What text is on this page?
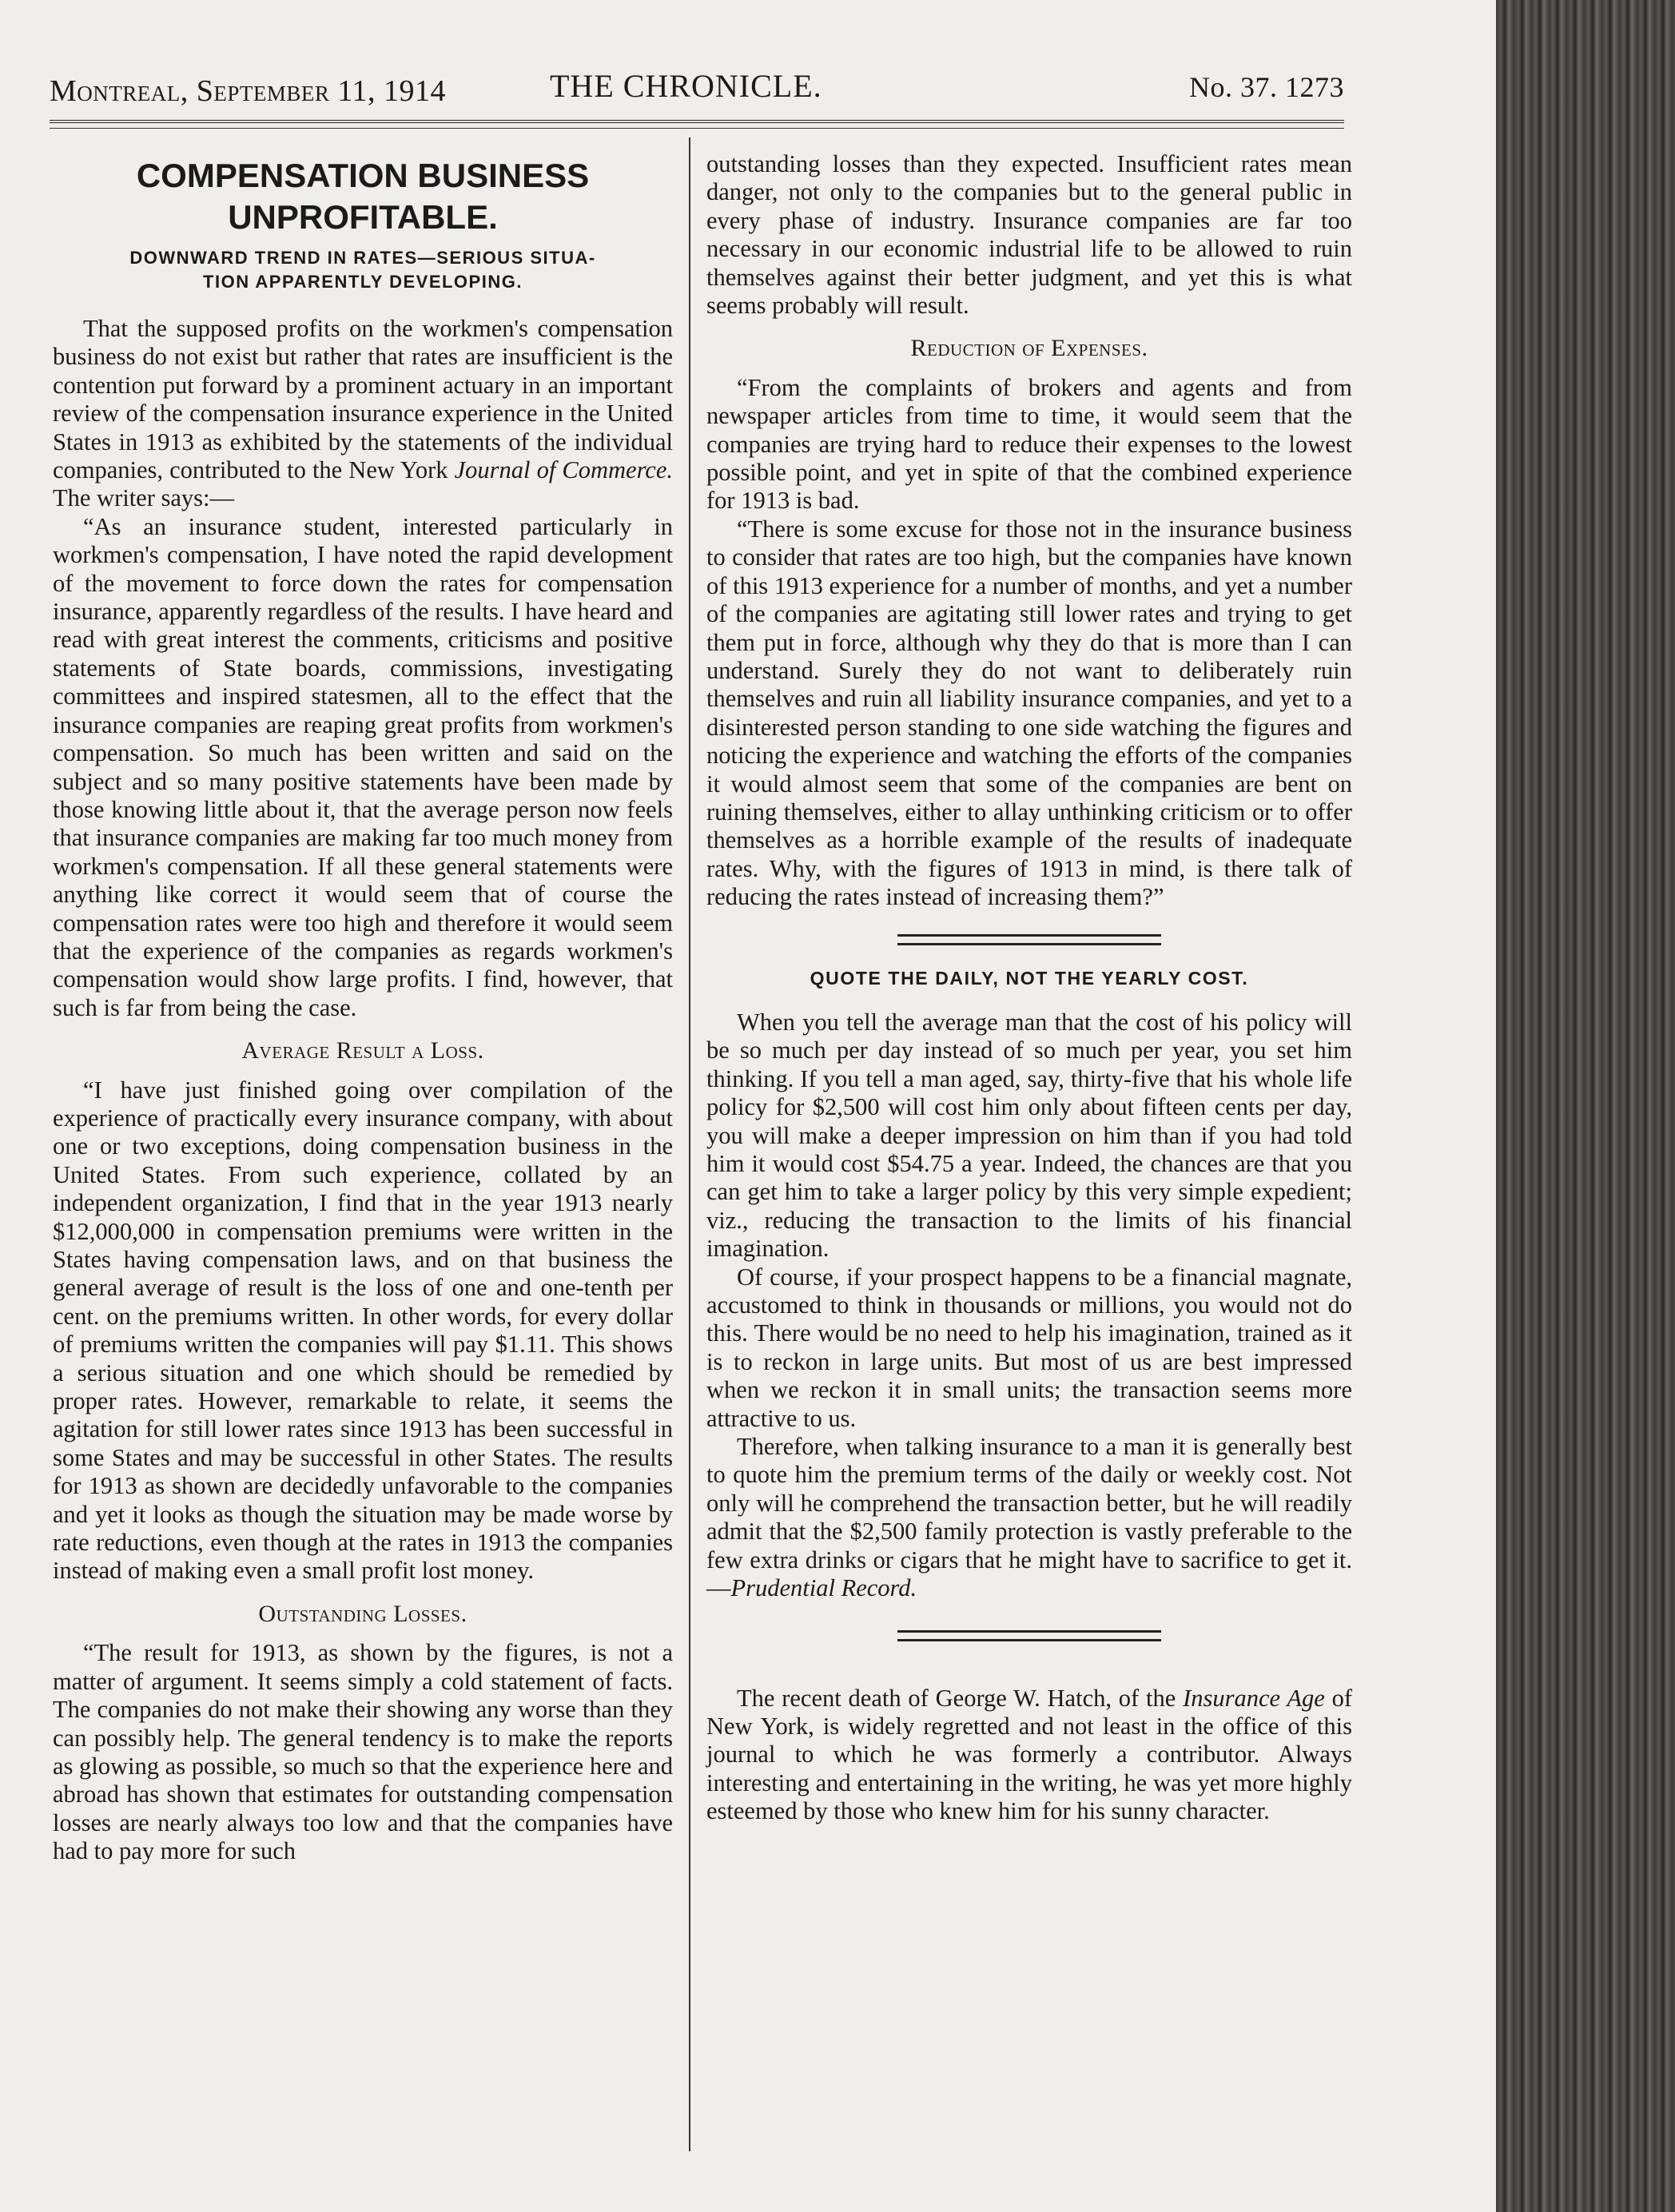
Montreal, September 11, 1914	THE CHRONICLE.	No. 37. 1273
COMPENSATION BUSINESS
UNPROFITABLE.
DOWNWARD TREND IN RATES—SERIOUS SITUA-
TION APPARENTLY DEVELOPING.

That the supposed profits on the workmen's compensation business do not exist but rather that rates are insufficient is the contention put forward by a prominent actuary in an important review of the compensation insurance experience in the United States in 1913 as exhibited by the statements of the individual companies, contributed to the New York Journal of Commerce. The writer says:—

“As an insurance student, interested particularly in workmen's compensation, I have noted the rapid development of the movement to force down the rates for compensation insurance, apparently regardless of the results. I have heard and read with great interest the comments, criticisms and positive statements of State boards, commissions, investigating committees and inspired statesmen, all to the effect that the insurance companies are reaping great profits from workmen's compensation. So much has been written and said on the subject and so many positive statements have been made by those knowing little about it, that the average person now feels that insurance companies are making far too much money from workmen's compensation. If all these general statements were anything like correct it would seem that of course the compensation rates were too high and therefore it would seem that the experience of the companies as regards workmen's compensation would show large profits. I find, however, that such is far from being the case.

Average Result a Loss.

“I have just finished going over compilation of the experience of practically every insurance company, with about one or two exceptions, doing compensation business in the United States. From such experience, collated by an independent organization, I find that in the year 1913 nearly $12,000,000 in compensation premiums were written in the States having compensation laws, and on that business the general average of result is the loss of one and one-tenth per cent. on the premiums written. In other words, for every dollar of premiums written the companies will pay $1.11. This shows a serious situation and one which should be remedied by proper rates. However, remarkable to relate, it seems the agitation for still lower rates since 1913 has been successful in some States and may be successful in other States. The results for 1913 as shown are decidedly unfavorable to the companies and yet it looks as though the situation may be made worse by rate reductions, even though at the rates in 1913 the companies instead of making even a small profit lost money.

Outstanding Losses.

“The result for 1913, as shown by the figures, is not a matter of argument. It seems simply a cold statement of facts. The companies do not make their showing any worse than they can possibly help. The general tendency is to make the reports as glowing as possible, so much so that the experience here and abroad has shown that estimates for outstanding compensation losses are nearly always too low and that the companies have had to pay more for such

outstanding losses than they expected. Insufficient rates mean danger, not only to the companies but to the general public in every phase of industry. Insurance companies are far too necessary in our economic industrial life to be allowed to ruin themselves against their better judgment, and yet this is what seems probably will result.

Reduction of Expenses.

“From the complaints of brokers and agents and from newspaper articles from time to time, it would seem that the companies are trying hard to reduce their expenses to the lowest possible point, and yet in spite of that the combined experience for 1913 is bad.

“There is some excuse for those not in the insurance business to consider that rates are too high, but the companies have known of this 1913 experience for a number of months, and yet a number of the companies are agitating still lower rates and trying to get them put in force, although why they do that is more than I can understand. Surely they do not want to deliberately ruin themselves and ruin all liability insurance companies, and yet to a disinterested person standing to one side watching the figures and noticing the experience and watching the efforts of the companies it would almost seem that some of the companies are bent on ruining themselves, either to allay unthinking criticism or to offer themselves as a horrible example of the results of inadequate rates. Why, with the figures of 1913 in mind, is there talk of reducing the rates instead of increasing them?”

QUOTE THE DAILY, NOT THE YEARLY COST.

When you tell the average man that the cost of his policy will be so much per day instead of so much per year, you set him thinking. If you tell a man aged, say, thirty-five that his whole life policy for $2,500 will cost him only about fifteen cents per day, you will make a deeper impression on him than if you had told him it would cost $54.75 a year. Indeed, the chances are that you can get him to take a larger policy by this very simple expedient; viz., reducing the transaction to the limits of his financial imagination.

Of course, if your prospect happens to be a financial magnate, accustomed to think in thousands or millions, you would not do this. There would be no need to help his imagination, trained as it is to reckon in large units. But most of us are best impressed when we reckon it in small units; the transaction seems more attractive to us.

Therefore, when talking insurance to a man it is generally best to quote him the premium terms of the daily or weekly cost. Not only will he comprehend the transaction better, but he will readily admit that the $2,500 family protection is vastly preferable to the few extra drinks or cigars that he might have to sacrifice to get it.—Prudential Record.

The recent death of George W. Hatch, of the Insurance Age of New York, is widely regretted and not least in the office of this journal to which he was formerly a contributor. Always interesting and entertaining in the writing, he was yet more highly esteemed by those who knew him for his sunny character.
